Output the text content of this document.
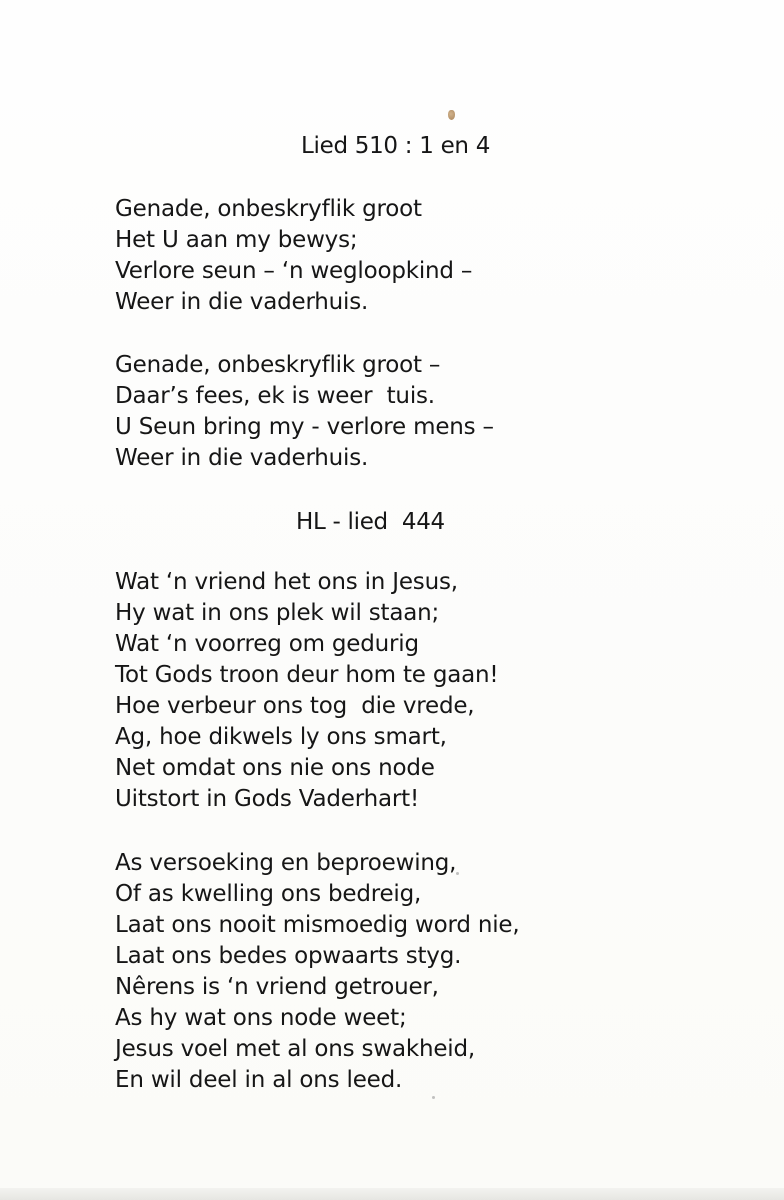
Lied 510 : 1 en 4
Genade, onbeskryflik groot
Het U aan my bewys;
Verlore seun – ‘n wegloopkind –
Weer in die vaderhuis.
Genade, onbeskryflik groot –
Daar’s fees, ek is weer  tuis.
U Seun bring my - verlore mens –
Weer in die vaderhuis.
HL - lied  444
Wat ‘n vriend het ons in Jesus,
Hy wat in ons plek wil staan;
Wat ‘n voorreg om gedurig
Tot Gods troon deur hom te gaan!
Hoe verbeur ons tog  die vrede,
Ag, hoe dikwels ly ons smart,
Net omdat ons nie ons node
Uitstort in Gods Vaderhart!
As versoeking en beproewing,
Of as kwelling ons bedreig,
Laat ons nooit mismoedig word nie,
Laat ons bedes opwaarts styg.
Nêrens is ‘n vriend getrouer,
As hy wat ons node weet;
Jesus voel met al ons swakheid,
En wil deel in al ons leed.
